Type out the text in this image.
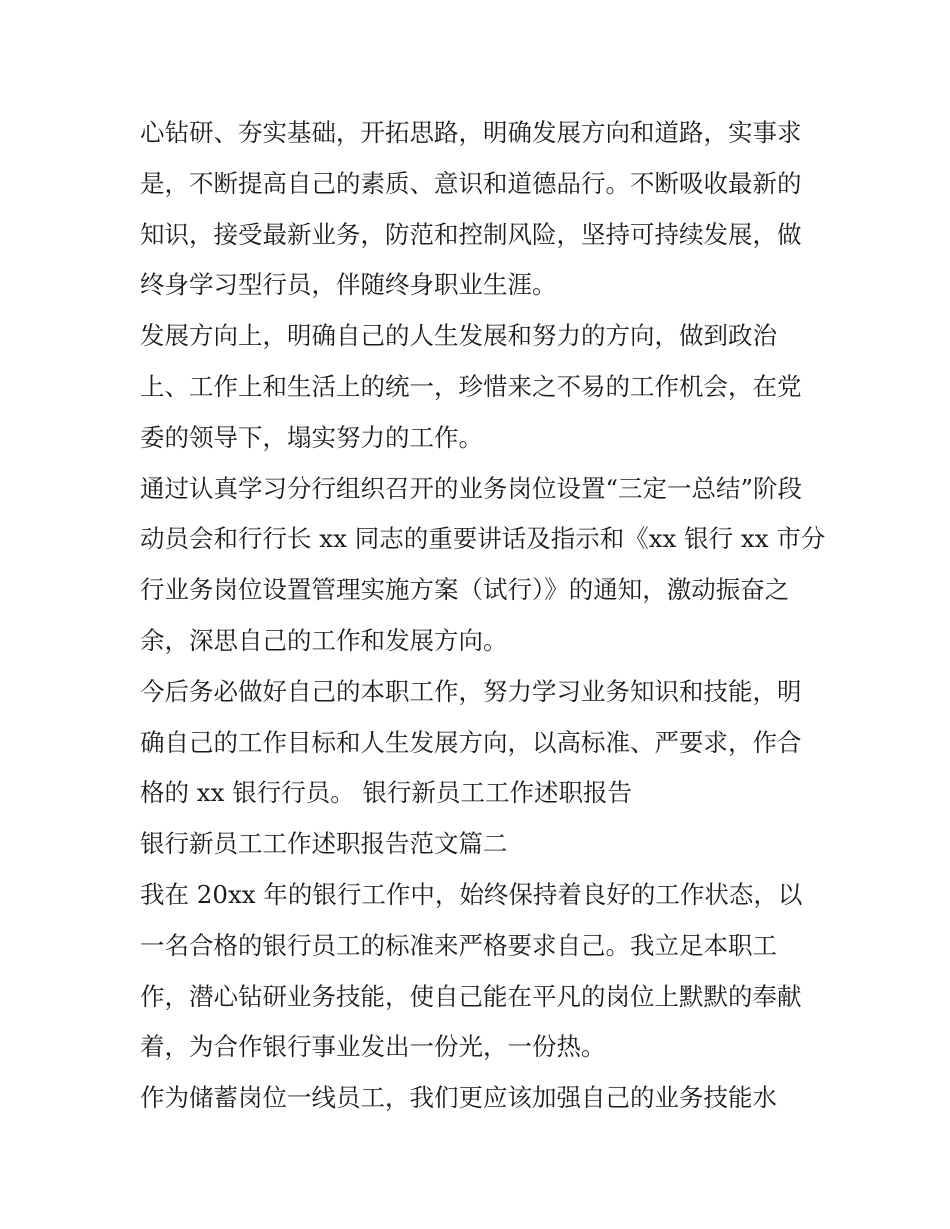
心钻研、夯实基础，开拓思路，明确发展方向和道路，实事求
是，不断提高自己的素质、意识和道德品行。不断吸收最新的
知识，接受最新业务，防范和控制风险，坚持可持续发展，做
终身学习型行员，伴随终身职业生涯。
发展方向上，明确自己的人生发展和努力的方向，做到政治
上、工作上和生活上的统一，珍惜来之不易的工作机会，在党
委的领导下，塌实努力的工作。
通过认真学习分行组织召开的业务岗位设置“三定一总结”阶段
动员会和行行长 xx 同志的重要讲话及指示和《xx 银行 xx 市分
行业务岗位设置管理实施方案（试行）》的通知，激动振奋之
余，深思自己的工作和发展方向。
今后务必做好自己的本职工作，努力学习业务知识和技能，明
确自己的工作目标和人生发展方向，以高标准、严要求，作合
格的 xx 银行行员。 银行新员工工作述职报告
银行新员工工作述职报告范文篇二
我在 20xx 年的银行工作中，始终保持着良好的工作状态，以
一名合格的银行员工的标准来严格要求自己。我立足本职工
作，潜心钻研业务技能，使自己能在平凡的岗位上默默的奉献
着，为合作银行事业发出一份光，一份热。
作为储蓄岗位一线员工，我们更应该加强自己的业务技能水
